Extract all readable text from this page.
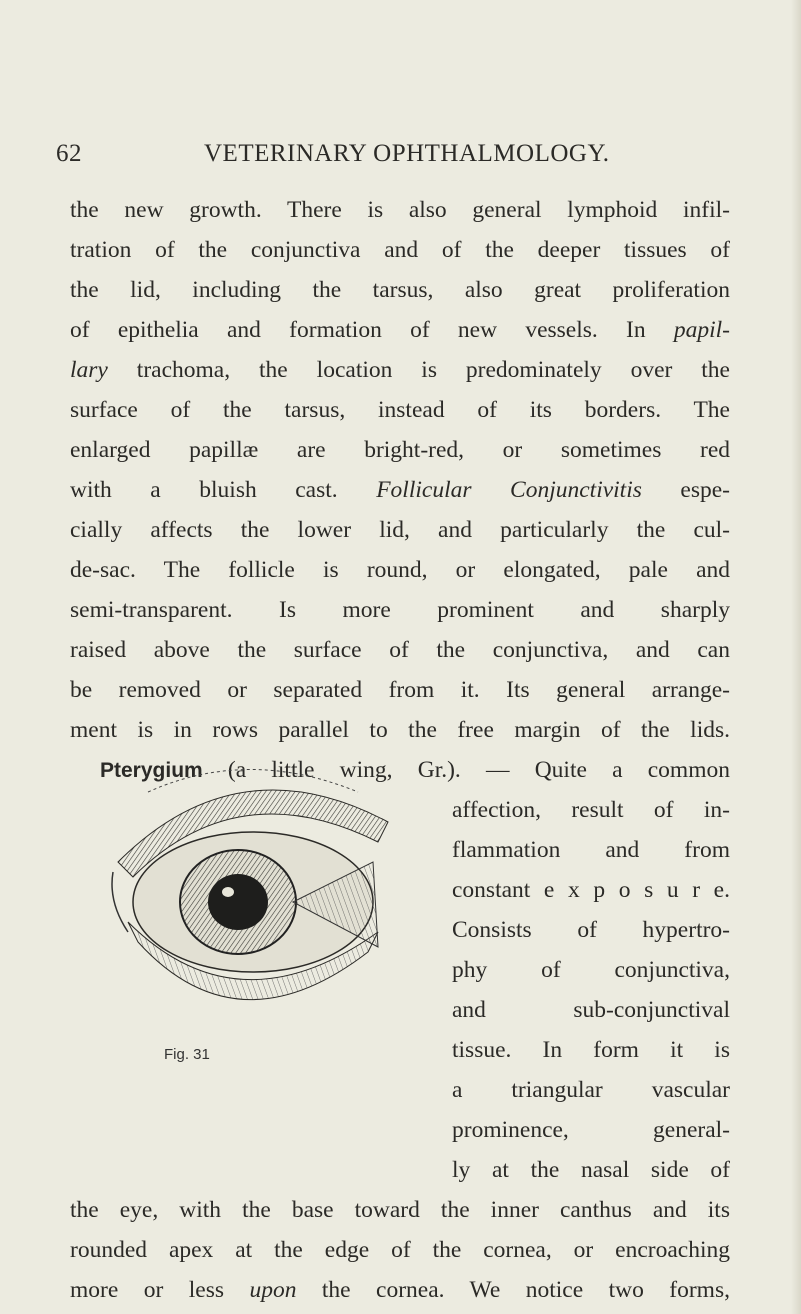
62	VETERINARY OPHTHALMOLOGY.
the new growth. There is also general lymphoid infil-
tration of the conjunctiva and of the deeper tissues of
the lid, including the tarsus, also great proliferation
of epithelia and formation of new vessels. In papil-
lary trachoma, the location is predominately over the
surface of the tarsus, instead of its borders. The
enlarged papillæ are bright-red, or sometimes red
with a bluish cast. Follicular Conjunctivitis espe-
cially affects the lower lid, and particularly the cul-
de-sac. The follicle is round, or elongated, pale and
semi-transparent. Is more prominent and sharply
raised above the surface of the conjunctiva, and can
be removed or separated from it. Its general arrange-
ment is in rows parallel to the free margin of the lids.
Pterygium (a little wing, Gr.). — Quite a common
affection, result of in-
flammation and from
constant e x p o s u r e.
Consists of hypertro-
phy of conjunctiva,
and sub-conjunctival
tissue. In form it is
a triangular vascular
prominence, general-
ly at the nasal side of
Fig. 31
the eye, with the base toward the inner canthus and its
rounded apex at the edge of the cornea, or encroaching
more or less upon the cornea. We notice two forms,
